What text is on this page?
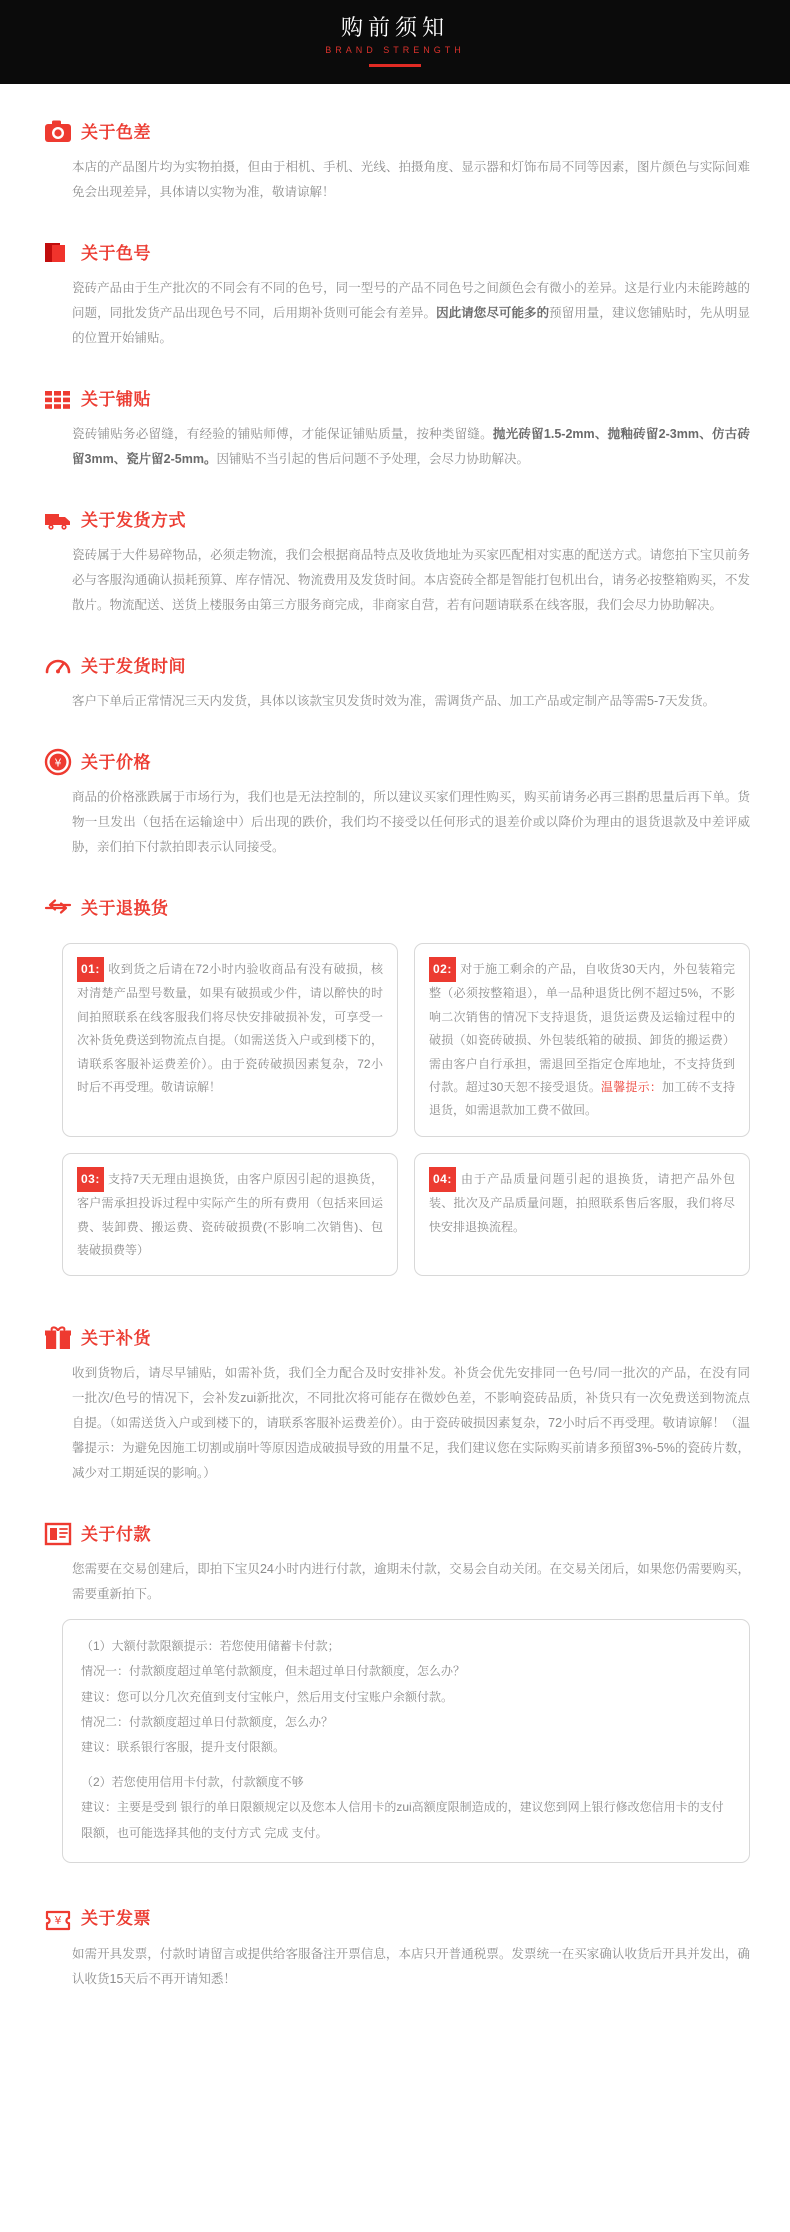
购前须知
BRAND STRENGTH
关于色差
本店的产品图片均为实物拍摄，但由于相机、手机、光线、拍摄角度、显示器和灯饰布局不同等因素，图片颜色与实际间难免会出现差异，具体请以实物为准，敬请谅解！
关于色号
瓷砖产品由于生产批次的不同会有不同的色号，同一型号的产品不同色号之间颜色会有微小的差异。这是行业内未能跨越的问题，同批发货产品出现色号不同，后用期补货则可能会有差异。因此请您尽可能多的预留用量，建议您铺贴时，先从明显的位置开始铺贴。
关于铺贴
瓷砖铺贴务必留缝，有经验的铺贴师傅，才能保证铺贴质量，按种类留缝。抛光砖留1.5-2mm、抛釉砖留2-3mm、仿古砖留3mm、瓷片留2-5mm。因铺贴不当引起的售后问题不予处理，会尽力协助解决。
关于发货方式
瓷砖属于大件易碎物品，必须走物流，我们会根据商品特点及收货地址为买家匹配相对实惠的配送方式。请您拍下宝贝前务必与客服沟通确认损耗预算、库存情况、物流费用及发货时间。本店瓷砖全都是智能打包机出台，请务必按整箱购买，不发散片。物流配送、送货上楼服务由第三方服务商完成，非商家自营，若有问题请联系在线客服，我们会尽力协助解决。
关于发货时间
客户下单后正常情况三天内发货，具体以该款宝贝发货时效为准，需调货产品、加工产品或定制产品等需5-7天发货。
¥ 关于价格
商品的价格涨跌属于市场行为，我们也是无法控制的，所以建议买家们理性购买，购买前请务必再三斟酌思量后再下单。货物一旦发出（包括在运输途中）后出现的跌价，我们均不接受以任何形式的退差价或以降价为理由的退货退款及中差评威胁，亲们拍下付款拍即表示认同接受。
关于退换货
01: 收到货之后请在72小时内验收商品有没有破损，核对清楚产品型号数量，如果有破损或少件，请以醉快的时间拍照联系在线客服我们将尽快安排破损补发，可享受一次补货免费送到物流点自提。（如需送货入户或到楼下的，请联系客服补运费差价）。由于瓷砖破损因素复杂，72小时后不再受理。敬请谅解！
02: 对于施工剩余的产品，自收货30天内，外包装箱完整（必须按整箱退），单一品种退货比例不超过5%，不影响二次销售的情况下支持退货，退货运费及运输过程中的破损（如瓷砖破损、外包装纸箱的破损、卸货的搬运费）需由客户自行承担，需退回至指定仓库地址，不支持货到付款。超过30天恕不接受退货。温馨提示：加工砖不支持退货，如需退款加工费不做回。
03: 支持7天无理由退换货，由客户原因引起的退换货，客户需承担投诉过程中实际产生的所有费用（包括来回运费、装卸费、搬运费、瓷砖破损费(不影响二次销售)、包装破损费等）
04: 由于产品质量问题引起的退换货，请把产品外包装、批次及产品质量问题，拍照联系售后客服，我们将尽快安排退换流程。
关于补货
收到货物后，请尽早铺贴，如需补货，我们全力配合及时安排补发。补货会优先安排同一色号/同一批次的产品，在没有同一批次/色号的情况下，会补发zui新批次，不同批次将可能存在微妙色差，不影响瓷砖品质，补货只有一次免费送到物流点自提。（如需送货入户或到楼下的，请联系客服补运费差价）。由于瓷砖破损因素复杂，72小时后不再受理。敬请谅解！（温馨提示：为避免因施工切割或崩叶等原因造成破损导致的用量不足，我们建议您在实际购买前请多预留3%-5%的瓷砖片数，减少对工期延误的影响。）
关于付款
您需要在交易创建后，即拍下宝贝24小时内进行付款，逾期未付款，交易会自动关闭。在交易关闭后，如果您仍需要购买，需要重新拍下。

（1）大额付款限额提示：若您使用储蓄卡付款；

情况一：付款额度超过单笔付款额度，但未超过单日付款额度，怎么办？

建议：您可以分几次充值到支付宝帐户，然后用支付宝账户余额付款。

情况二：付款额度超过单日付款额度，怎么办？

建议：联系银行客服，提升支付限额。

（2）若您使用信用卡付款，付款额度不够

建议：主要是受到 银行的单日限额规定以及您本人信用卡的zui高额度限制造成的，建议您到网上银行修改您信用卡的支付限额，也可能选择其他的支付方式 完成 支付。

¥ 关于发票
如需开具发票，付款时请留言或提供给客服备注开票信息，本店只开普通税票。发票统一在买家确认收货后开具并发出，确认收货15天后不再开请知悉！
